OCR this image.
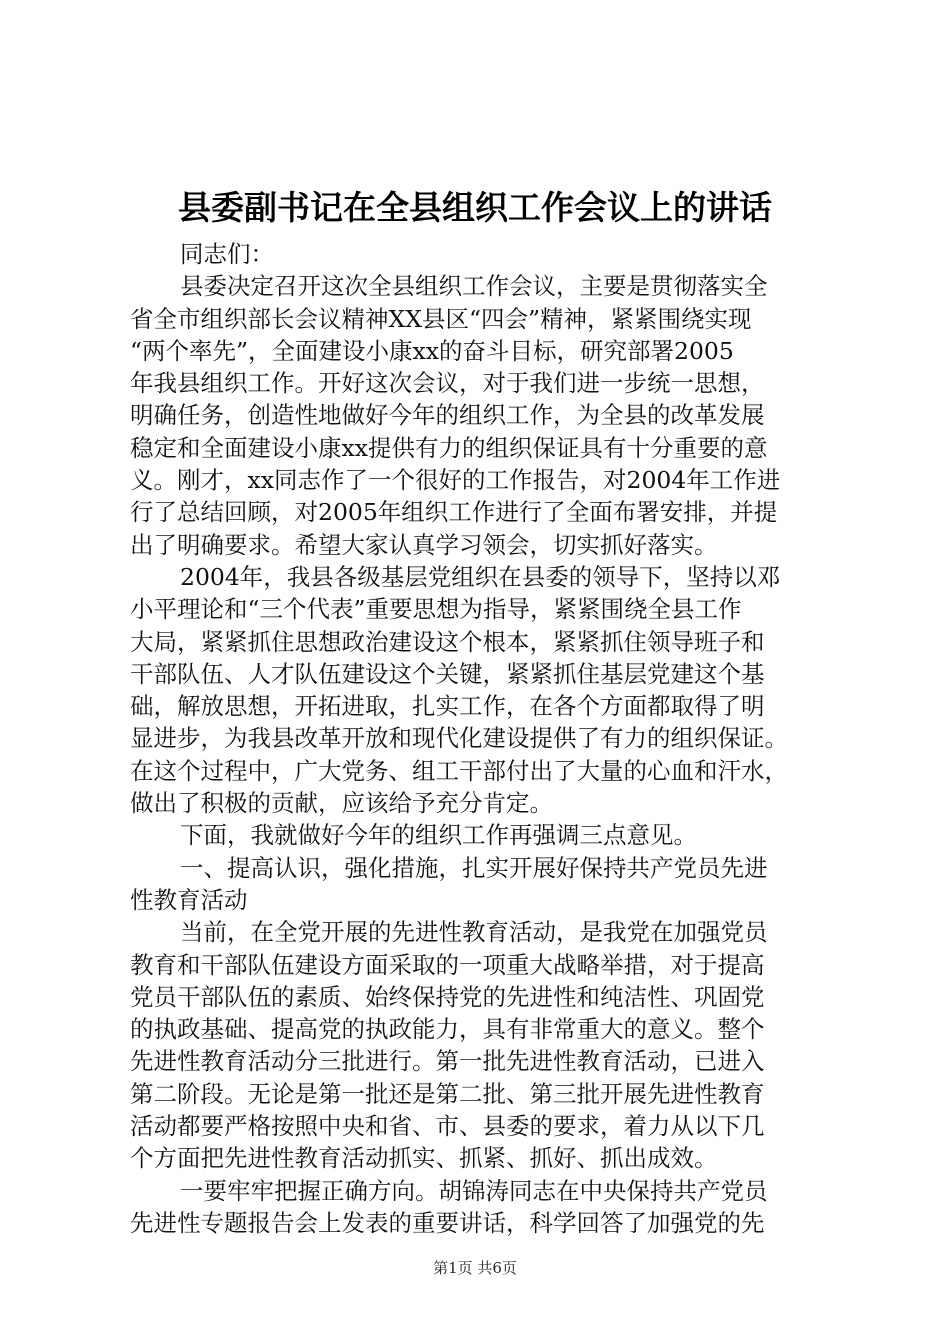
县委副书记在全县组织工作会议上的讲话
同志们：
县委决定召开这次全县组织工作会议，主要是贯彻落实全
省全市组织部长会议精神XX县区“四会”精神，紧紧围绕实现
“两个率先”，全面建设小康xx的奋斗目标，研究部署2005
年我县组织工作。开好这次会议，对于我们进一步统一思想，
明确任务，创造性地做好今年的组织工作，为全县的改革发展
稳定和全面建设小康xx提供有力的组织保证具有十分重要的意
义。刚才，xx同志作了一个很好的工作报告，对2004年工作进
行了总结回顾，对2005年组织工作进行了全面布署安排，并提
出了明确要求。希望大家认真学习领会，切实抓好落实。
2004年，我县各级基层党组织在县委的领导下，坚持以邓
小平理论和“三个代表”重要思想为指导，紧紧围绕全县工作
大局，紧紧抓住思想政治建设这个根本，紧紧抓住领导班子和
干部队伍、人才队伍建设这个关键，紧紧抓住基层党建这个基
础，解放思想，开拓进取，扎实工作，在各个方面都取得了明
显进步，为我县改革开放和现代化建设提供了有力的组织保证。
在这个过程中，广大党务、组工干部付出了大量的心血和汗水，
做出了积极的贡献，应该给予充分肯定。
下面，我就做好今年的组织工作再强调三点意见。
一、提高认识，强化措施，扎实开展好保持共产党员先进
性教育活动
当前，在全党开展的先进性教育活动，是我党在加强党员
教育和干部队伍建设方面采取的一项重大战略举措，对于提高
党员干部队伍的素质、始终保持党的先进性和纯洁性、巩固党
的执政基础、提高党的执政能力，具有非常重大的意义。整个
先进性教育活动分三批进行。第一批先进性教育活动，已进入
第二阶段。无论是第一批还是第二批、第三批开展先进性教育
活动都要严格按照中央和省、市、县委的要求，着力从以下几
个方面把先进性教育活动抓实、抓紧、抓好、抓出成效。
一要牢牢把握正确方向。胡锦涛同志在中央保持共产党员
先进性专题报告会上发表的重要讲话，科学回答了加强党的先
第1页 共6页
